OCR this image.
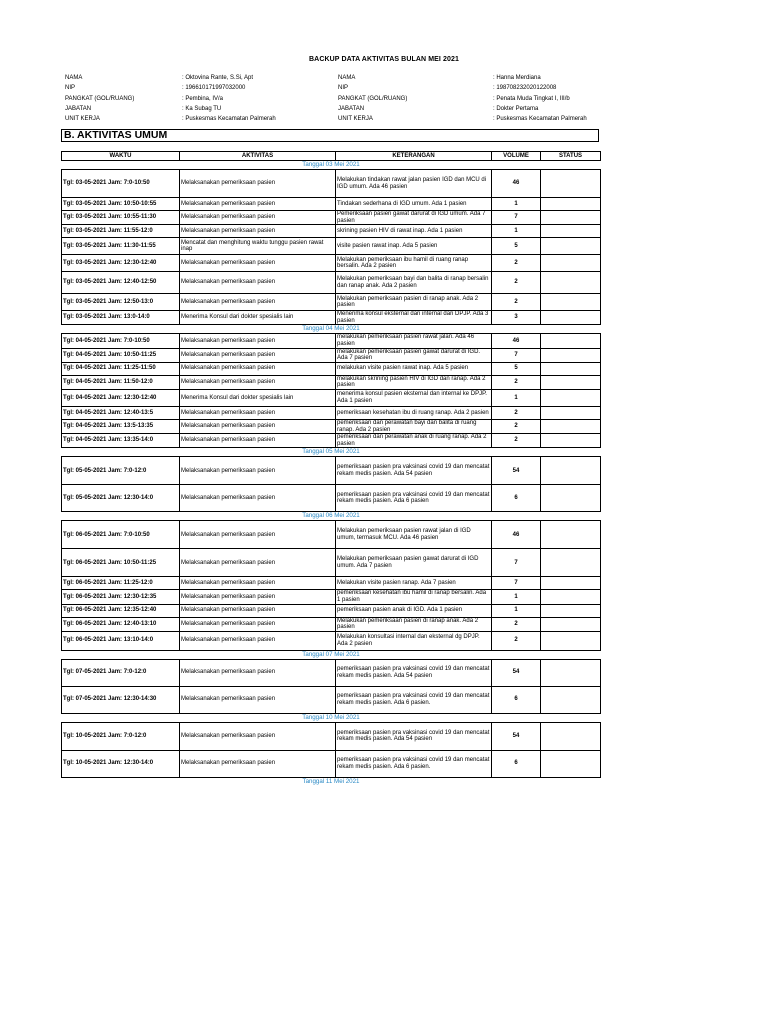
BACKUP DATA AKTIVITAS BULAN MEI 2021
NAMA	: Oktovina Rante, S.Si, Apt
NIP	: 196610171997032000
PANGKAT (GOL/RUANG)	: Pembina, IV/a
JABATAN	: Ka Subag TU
UNIT KERJA	: Puskesmas Kecamatan Palmerah
NAMA	: Hanna Merdiana
NIP	: 198708232020122008
PANGKAT (GOL/RUANG)	: Penata Muda Tingkat I, III/b
JABATAN	: Dokter Pertama
UNIT KERJA	: Puskesmas Kecamatan Palmerah
B. AKTIVITAS UMUM
WAKTU	AKTIVITAS	KETERANGAN	VOLUME	STATUS
Tanggal 03 Mei 2021				
Tgl: 03-05-2021 Jam: 7:0-10:50	Melaksanakan pemeriksaan pasien	Melakukan tindakan rawat jalan pasien IGD dan MCU di IGD umum. Ada 46 pasien	46	
Tgl: 03-05-2021 Jam: 10:50-10:55	Melaksanakan pemeriksaan pasien	Tindakan sederhana di IGD umum. Ada 1 pasien	1	
Tgl: 03-05-2021 Jam: 10:55-11:30	Melaksanakan pemeriksaan pasien	Pemeriksaan pasien gawat darurat di IGD umum. Ada 7 pasien	7	
Tgl: 03-05-2021 Jam: 11:55-12:0	Melaksanakan pemeriksaan pasien	skrining pasien HIV di rawat inap. Ada 1 pasien	1	
Tgl: 03-05-2021 Jam: 11:30-11:55	Mencatat dan menghitung waktu tunggu pasien rawat inap	visite pasien rawat inap. Ada 5 pasien	5	
Tgl: 03-05-2021 Jam: 12:30-12:40	Melaksanakan pemeriksaan pasien	Melakukan pemeriksaan ibu hamil di ruang ranap bersalin. Ada 2 pasien	2	
Tgl: 03-05-2021 Jam: 12:40-12:50	Melaksanakan pemeriksaan pasien	Melakukan pemeriksaan bayi dan balita di ranap bersalin dan ranap anak. Ada 2 pasien	2	
Tgl: 03-05-2021 Jam: 12:50-13:0	Melaksanakan pemeriksaan pasien	Melakukan pemeriksaan pasien di ranap anak. Ada 2 pasien	2	
Tgl: 03-05-2021 Jam: 13:0-14:0	Menerima Konsul dari dokter spesialis lain	Menerima konsul eksternal dan internal dari DPJP. Ada 3 pasien	3	
Tanggal 04 Mei 2021				
Tgl: 04-05-2021 Jam: 7:0-10:50	Melaksanakan pemeriksaan pasien	melakukan pemeriksaan pasien rawat jalan. Ada 46 pasien	46	
Tgl: 04-05-2021 Jam: 10:50-11:25	Melaksanakan pemeriksaan pasien	melakukan pemeriksaan pasien gawat darurat di IGD. Ada 7 pasien	7	
Tgl: 04-05-2021 Jam: 11:25-11:50	Melaksanakan pemeriksaan pasien	melakukan visite pasien rawat inap. Ada 5 pasien	5	
Tgl: 04-05-2021 Jam: 11:50-12:0	Melaksanakan pemeriksaan pasien	melakukan skrining pasien HIV di IGD dan ranap. Ada 2 pasien	2	
Tgl: 04-05-2021 Jam: 12:30-12:40	Menerima Konsul dari dokter spesialis lain	menerima konsul pasien eksternal dan internal ke DPJP. Ada 1 pasien	1	
Tgl: 04-05-2021 Jam: 12:40-13:5	Melaksanakan pemeriksaan pasien	pemeriksaan kesehatan ibu di ruang ranap. Ada 2 pasien	2	
Tgl: 04-05-2021 Jam: 13:5-13:35	Melaksanakan pemeriksaan pasien	pemeriksaan dan perawatan bayi dan balita di ruang ranap. Ada 2 pasien	2	
Tgl: 04-05-2021 Jam: 13:35-14:0	Melaksanakan pemeriksaan pasien	pemeriksaan dan perawatan anak di ruang ranap. Ada 2 pasien	2	
Tanggal 05 Mei 2021				
Tgl: 05-05-2021 Jam: 7:0-12:0	Melaksanakan pemeriksaan pasien	pemeriksaan pasien pra vaksinasi covid 19 dan mencatat rekam medis pasien. Ada 54 pasien	54	
Tgl: 05-05-2021 Jam: 12:30-14:0	Melaksanakan pemeriksaan pasien	pemeriksaan pasien pra vaksinasi covid 19 dan mencatat rekam medis pasien. Ada 6 pasien	6	
Tanggal 06 Mei 2021				
Tgl: 06-05-2021 Jam: 7:0-10:50	Melaksanakan pemeriksaan pasien	Melakukan pemeriksaan pasien rawat jalan di IGD umum, termasuk MCU. Ada 46 pasien	46	
Tgl: 06-05-2021 Jam: 10:50-11:25	Melaksanakan pemeriksaan pasien	Melakukan pemeriksaan pasien gawat darurat di IGD umum. Ada 7 pasien	7	
Tgl: 06-05-2021 Jam: 11:25-12:0	Melaksanakan pemeriksaan pasien	Melakukan visite pasien ranap. Ada 7 pasien	7	
Tgl: 06-05-2021 Jam: 12:30-12:35	Melaksanakan pemeriksaan pasien	pemeriksaan kesehatan ibu hamil di ranap bersalin. Ada 1 pasien	1	
Tgl: 06-05-2021 Jam: 12:35-12:40	Melaksanakan pemeriksaan pasien	pemeriksaan pasien anak di IGD. Ada 1 pasien	1	
Tgl: 06-05-2021 Jam: 12:40-13:10	Melaksanakan pemeriksaan pasien	Melakukan pemeriksaan pasien di ranap anak. Ada 2 pasien	2	
Tgl: 06-05-2021 Jam: 13:10-14:0	Melaksanakan pemeriksaan pasien	Melakukan konsultasi internal dan eksternal dg DPJP. Ada 2 pasien	2	
Tanggal 07 Mei 2021				
Tgl: 07-05-2021 Jam: 7:0-12:0	Melaksanakan pemeriksaan pasien	pemeriksaan pasien pra vaksinasi covid 19 dan mencatat rekam medis pasien. Ada 54 pasien	54	
Tgl: 07-05-2021 Jam: 12:30-14:30	Melaksanakan pemeriksaan pasien	pemeriksaan pasien pra vaksinasi covid 19 dan mencatat rekam medis pasien. Ada 6 pasien.	6	
Tanggal 10 Mei 2021				
Tgl: 10-05-2021 Jam: 7:0-12:0	Melaksanakan pemeriksaan pasien	pemeriksaan pasien pra vaksinasi covid 19 dan mencatat rekam medis pasien. Ada 54 pasien	54	
Tgl: 10-05-2021 Jam: 12:30-14:0	Melaksanakan pemeriksaan pasien	pemeriksaan pasien pra vaksinasi covid 19 dan mencatat rekam medis pasien. Ada 6 pasien.	6	
Tanggal 11 Mei 2021				
